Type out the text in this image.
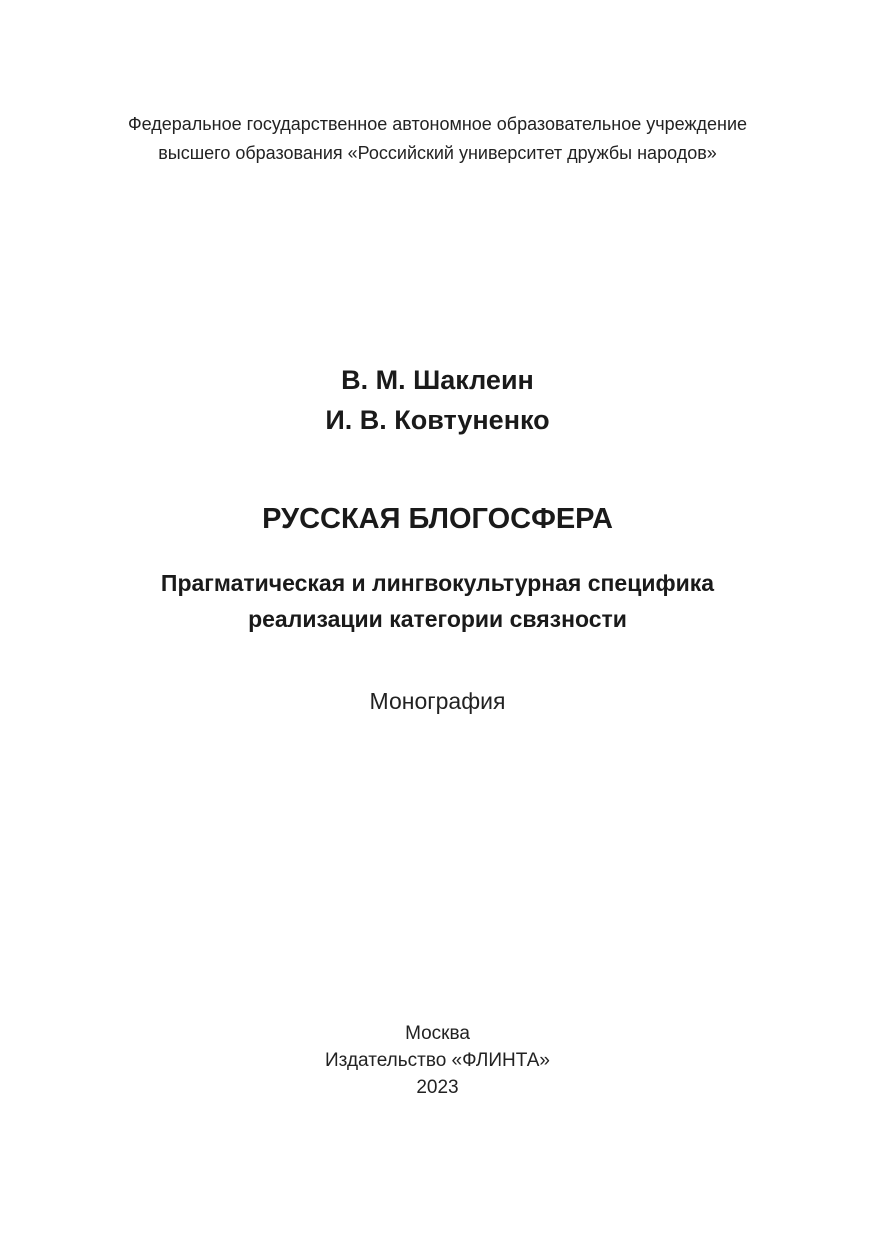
Федеральное государственное автономное образовательное учреждение
высшего образования «Российский университет дружбы народов»
В. М. Шаклеин
И. В. Ковтуненко
РУССКАЯ БЛОГОСФЕРА
Прагматическая и лингвокультурная специфика
реализации категории связности
Монография
Москва
Издательство «ФЛИНТА»
2023
